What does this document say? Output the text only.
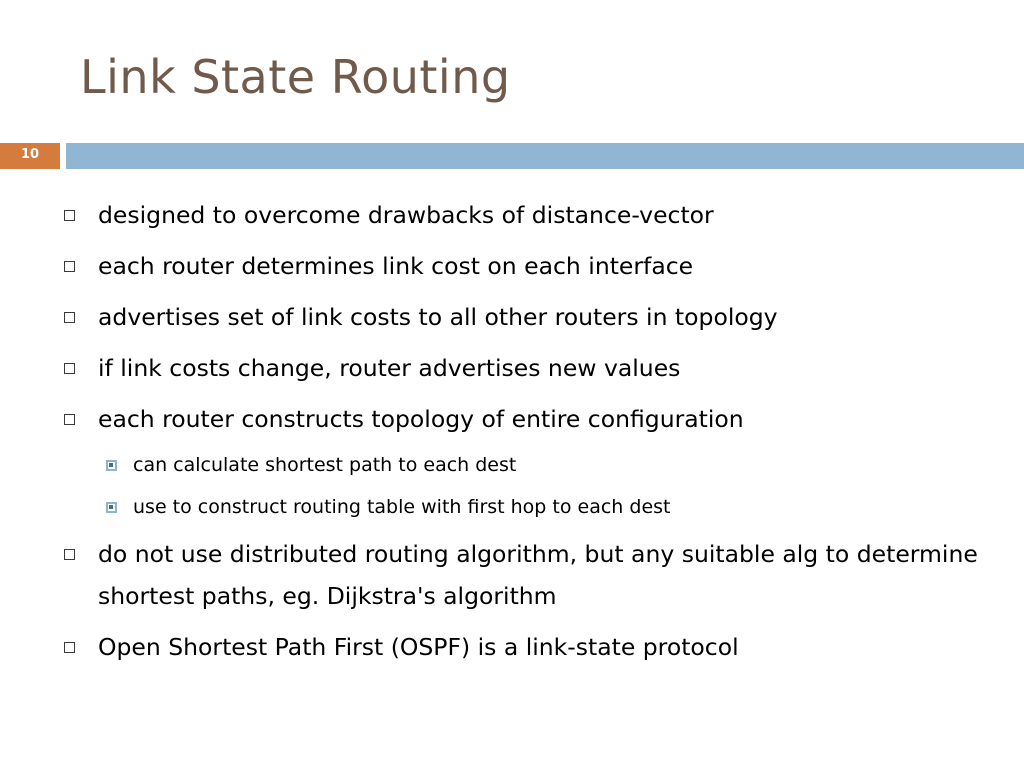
Link State Routing
10
designed to overcome drawbacks of distance-vector
each router determines link cost on each interface
advertises set of link costs to all other routers in topology
if link costs change, router advertises new values
each router constructs topology of entire configuration
can calculate shortest path to each dest
use to construct routing table with first hop to each dest
do not use distributed routing algorithm, but any suitable alg to determine shortest paths, eg. Dijkstra's algorithm
Open Shortest Path First (OSPF) is a link-state protocol
